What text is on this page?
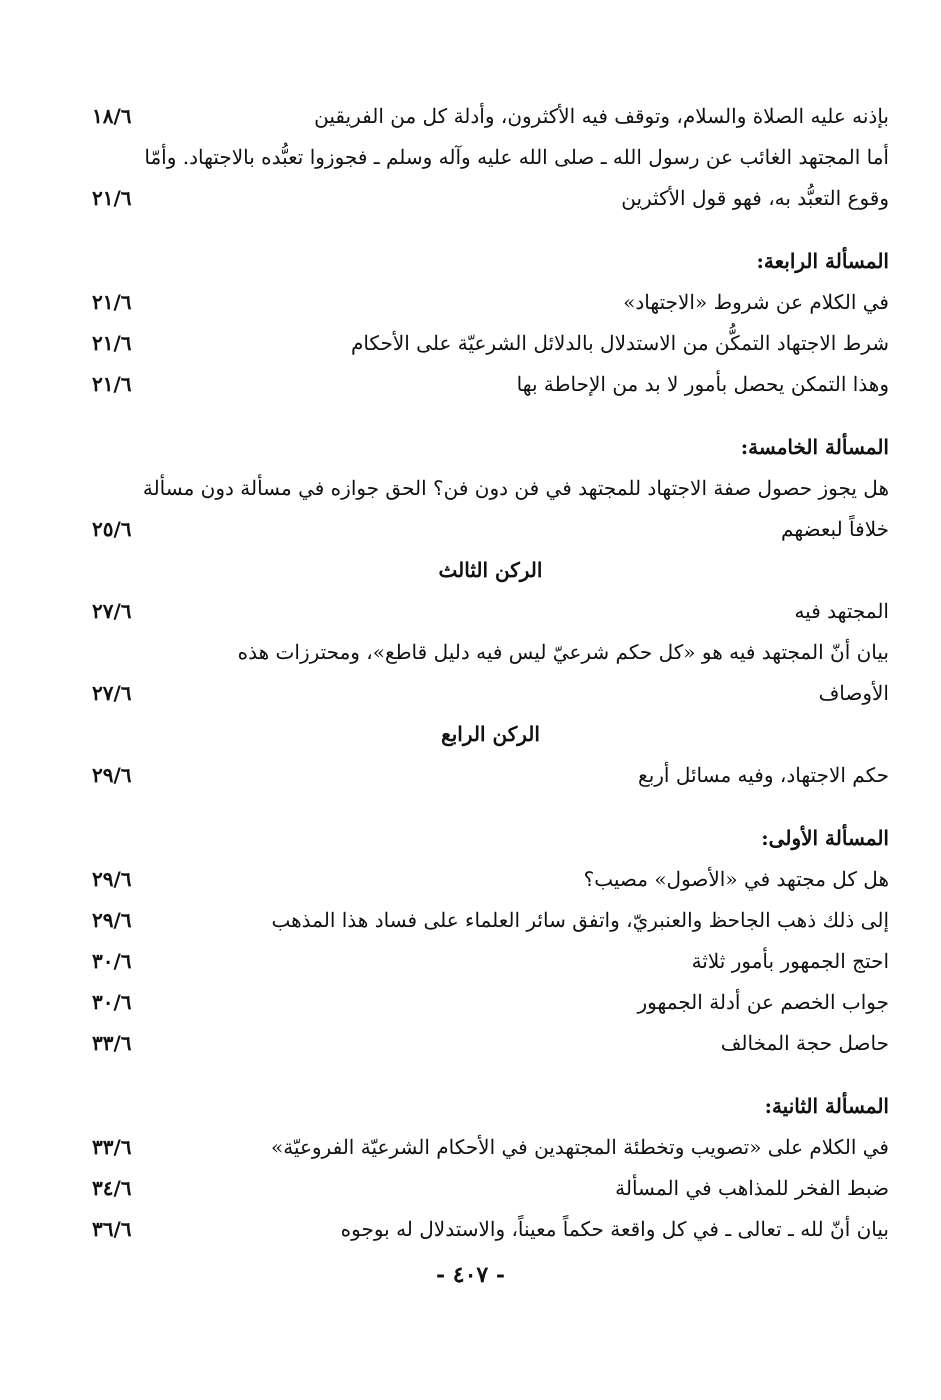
بإذنه عليه الصلاة والسلام، وتوقف فيه الأكثرون، وأدلة كل من الفريقين
١٨/٦
أما المجتهد الغائب عن رسول الله ـ صلى الله عليه وآله وسلم ـ فجوزوا تعبُّده بالاجتهاد. وأمّا
وقوع التعبُّد به، فهو قول الأكثرين
٢١/٦
المسألة الرابعة:
في الكلام عن شروط «الاجتهاد»
٢١/٦
شرط الاجتهاد التمكُّن من الاستدلال بالدلائل الشرعيّة على الأحكام
٢١/٦
وهذا التمكن يحصل بأمور لا بد من الإحاطة بها
٢١/٦
المسألة الخامسة:
هل يجوز حصول صفة الاجتهاد للمجتهد في فن دون فن؟ الحق جوازه في مسألة دون مسألة
خلافاً لبعضهم
٢٥/٦
الركن الثالث
المجتهد فيه
٢٧/٦
بيان أنّ المجتهد فيه هو «كل حكم شرعيّ ليس فيه دليل قاطع»، ومحترزات هذه
الأوصاف
٢٧/٦
الركن الرابع
حكم الاجتهاد، وفيه مسائل أربع
٢٩/٦
المسألة الأولى:
هل كل مجتهد في «الأصول» مصيب؟
٢٩/٦
إلى ذلك ذهب الجاحظ والعنبريّ، واتفق سائر العلماء على فساد هذا المذهب
٢٩/٦
احتج الجمهور بأمور ثلاثة
٣٠/٦
جواب الخصم عن أدلة الجمهور
٣٠/٦
حاصل حجة المخالف
٣٣/٦
المسألة الثانية:
في الكلام على «تصويب وتخطئة المجتهدين في الأحكام الشرعيّة الفروعيّة»
٣٣/٦
ضبط الفخر للمذاهب في المسألة
٣٤/٦
بيان أنّ لله ـ تعالى ـ في كل واقعة حكماً معيناً، والاستدلال له بوجوه
٣٦/٦
- ٤٠٧ -
